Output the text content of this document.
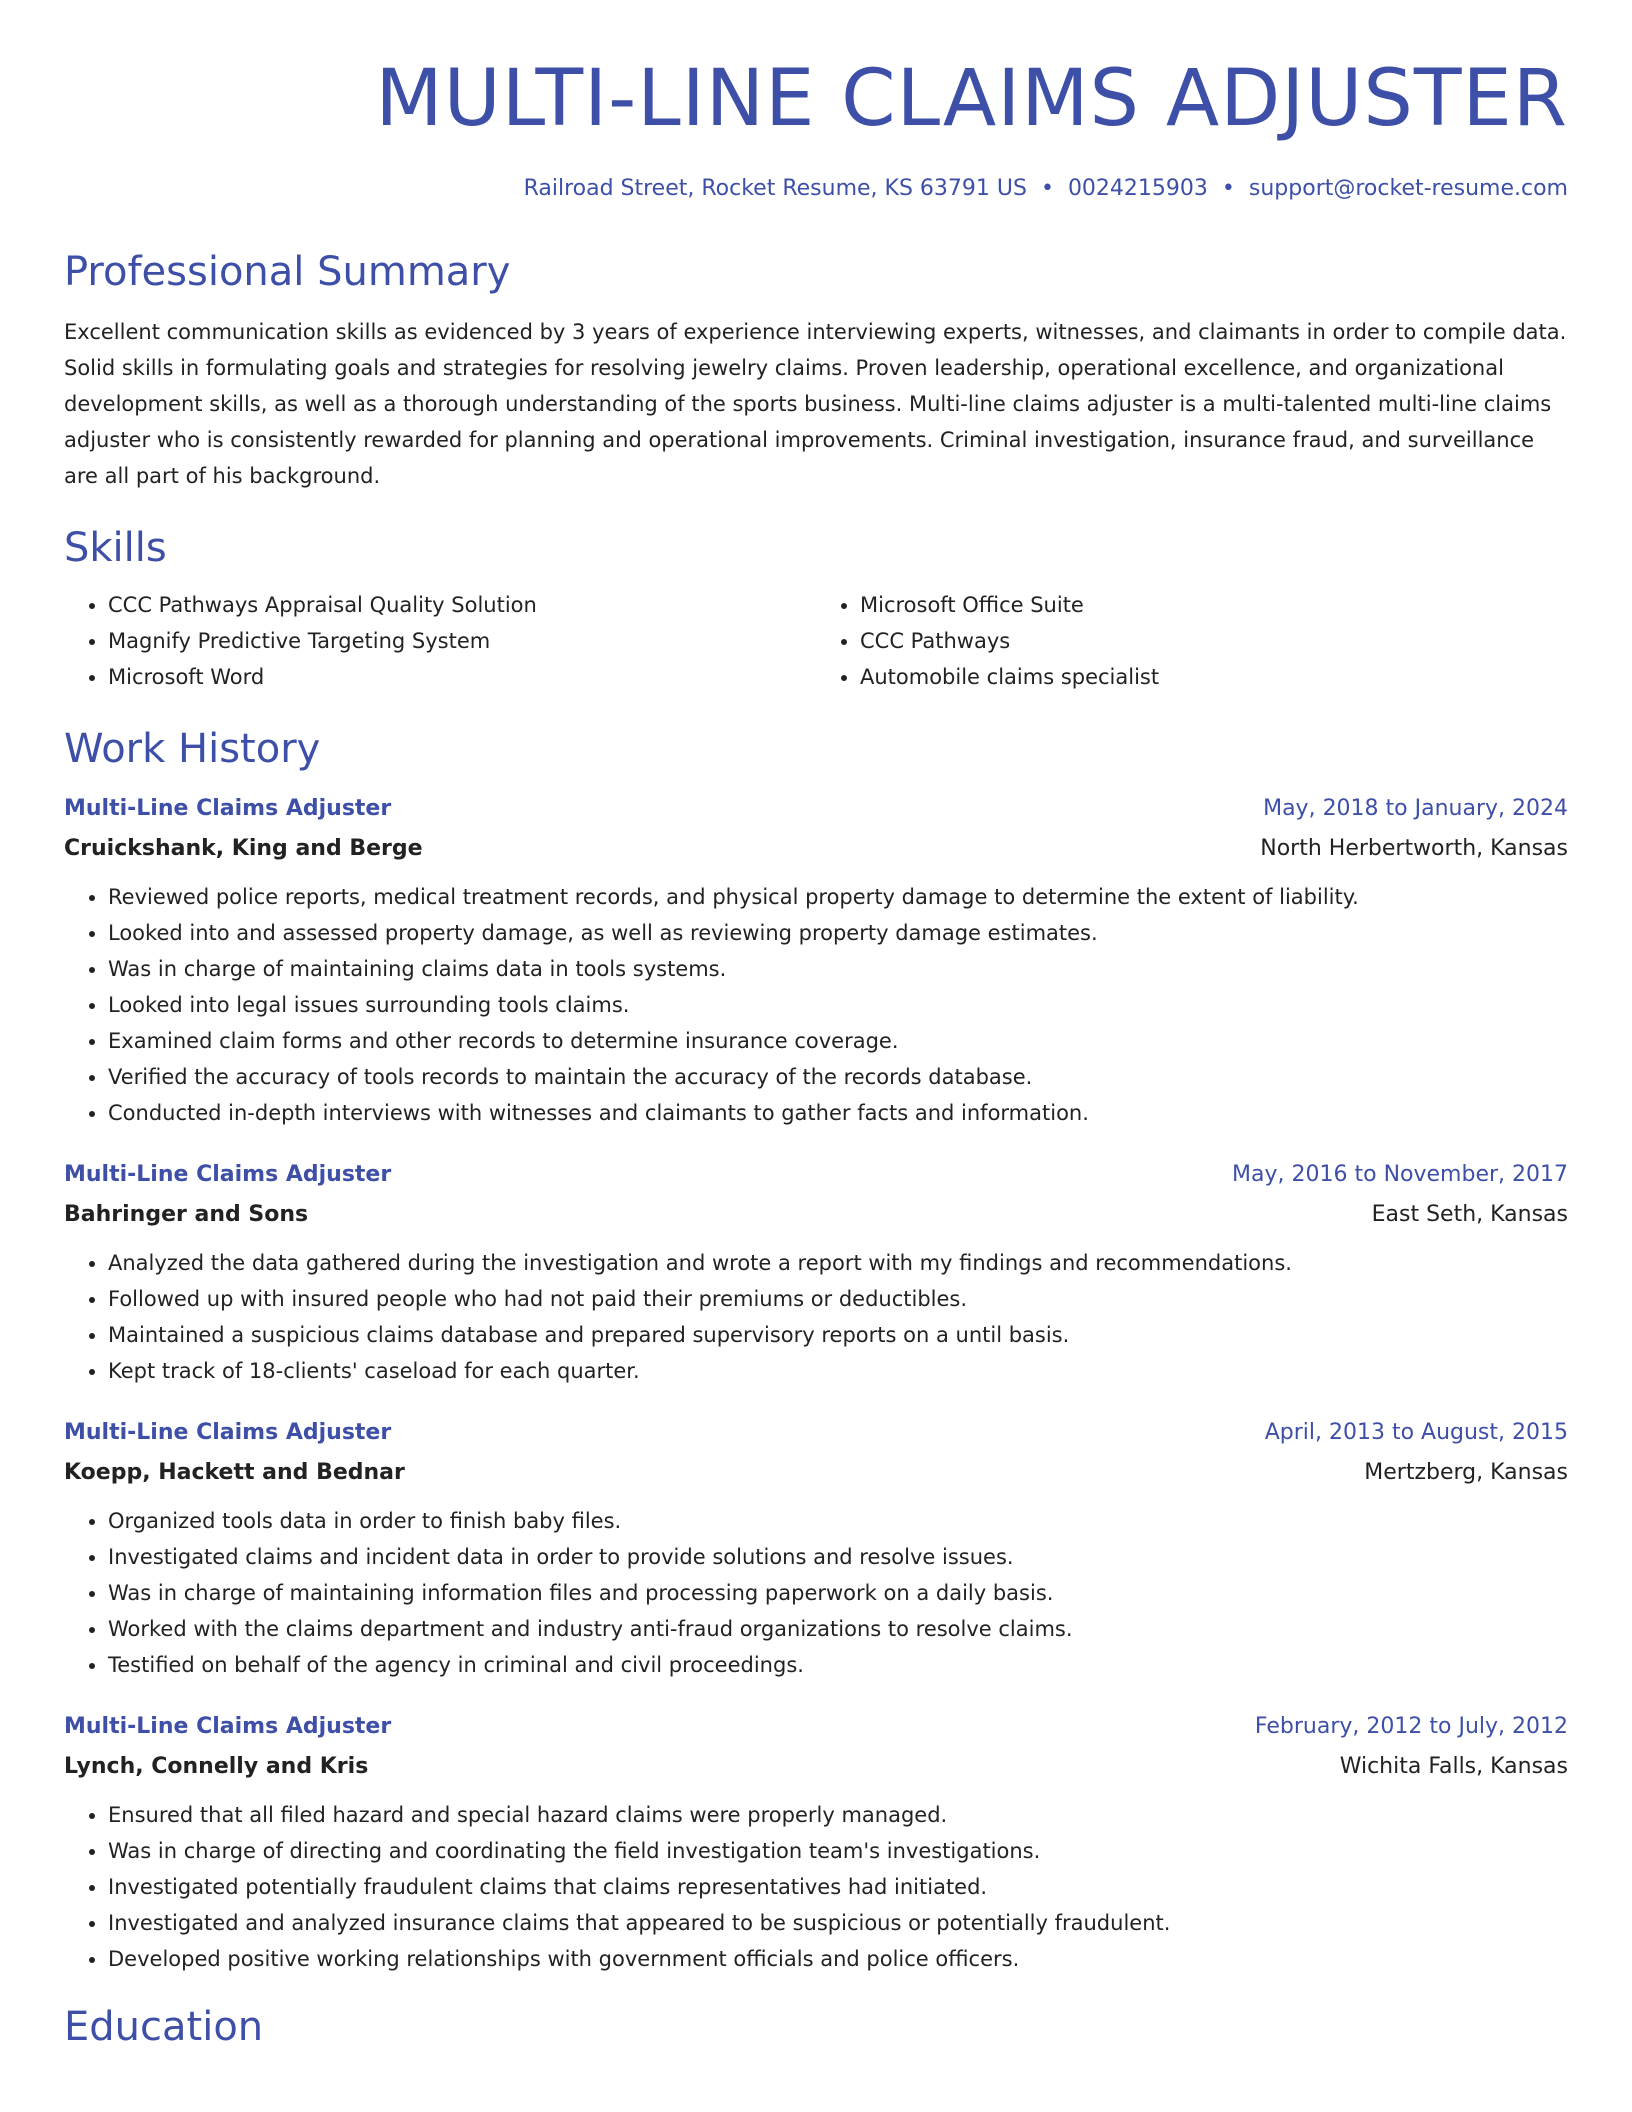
MULTI-LINE CLAIMS ADJUSTER
Railroad Street, Rocket Resume, KS 63791 US • 0024215903 • support@rocket-resume.com
Professional Summary

Excellent communication skills as evidenced by 3 years of experience interviewing experts, witnesses, and claimants in order to compile data. Solid skills in formulating goals and strategies for resolving jewelry claims. Proven leadership, operational excellence, and organizational development skills, as well as a thorough understanding of the sports business. Multi-line claims adjuster is a multi-talented multi-line claims adjuster who is consistently rewarded for planning and operational improvements. Criminal investigation, insurance fraud, and surveillance are all part of his background.

Skills
• CCC Pathways Appraisal Quality Solution
• Magnify Predictive Targeting System
• Microsoft Word
• Microsoft Office Suite
• CCC Pathways
• Automobile claims specialist
Work History
Multi-Line Claims Adjuster	May, 2018 to January, 2024
Cruickshank, King and Berge	North Herbertworth, Kansas
• Reviewed police reports, medical treatment records, and physical property damage to determine the extent of liability.
• Looked into and assessed property damage, as well as reviewing property damage estimates.
• Was in charge of maintaining claims data in tools systems.
• Looked into legal issues surrounding tools claims.
• Examined claim forms and other records to determine insurance coverage.
• Verified the accuracy of tools records to maintain the accuracy of the records database.
• Conducted in-depth interviews with witnesses and claimants to gather facts and information.
Multi-Line Claims Adjuster	May, 2016 to November, 2017
Bahringer and Sons	East Seth, Kansas
• Analyzed the data gathered during the investigation and wrote a report with my findings and recommendations.
• Followed up with insured people who had not paid their premiums or deductibles.
• Maintained a suspicious claims database and prepared supervisory reports on a until basis.
• Kept track of 18-clients' caseload for each quarter.
Multi-Line Claims Adjuster	April, 2013 to August, 2015
Koepp, Hackett and Bednar	Mertzberg, Kansas
• Organized tools data in order to finish baby files.
• Investigated claims and incident data in order to provide solutions and resolve issues.
• Was in charge of maintaining information files and processing paperwork on a daily basis.
• Worked with the claims department and industry anti-fraud organizations to resolve claims.
• Testified on behalf of the agency in criminal and civil proceedings.
Multi-Line Claims Adjuster	February, 2012 to July, 2012
Lynch, Connelly and Kris	Wichita Falls, Kansas
• Ensured that all filed hazard and special hazard claims were properly managed.
• Was in charge of directing and coordinating the field investigation team's investigations.
• Investigated potentially fraudulent claims that claims representatives had initiated.
• Investigated and analyzed insurance claims that appeared to be suspicious or potentially fraudulent.
• Developed positive working relationships with government officials and police officers.
Education
